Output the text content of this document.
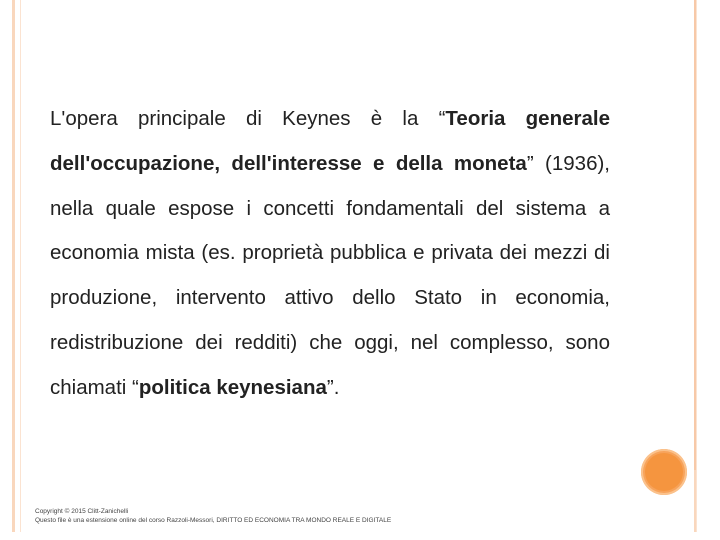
L'opera principale di Keynes è la “Teoria generale dell'occupazione, dell'interesse e della moneta” (1936), nella quale espose i concetti fondamentali del sistema a economia mista (es. proprietà pubblica e privata dei mezzi di produzione, intervento attivo dello Stato in economia, redistribuzione dei redditi) che oggi, nel complesso, sono chiamati “politica keynesiana”.

Copyright © 2015 Clitt-Zanichelli
Questo file è una estensione online del corso Razzoli-Messori, DIRITTO ED ECONOMIA TRA MONDO REALE E DIGITALE
